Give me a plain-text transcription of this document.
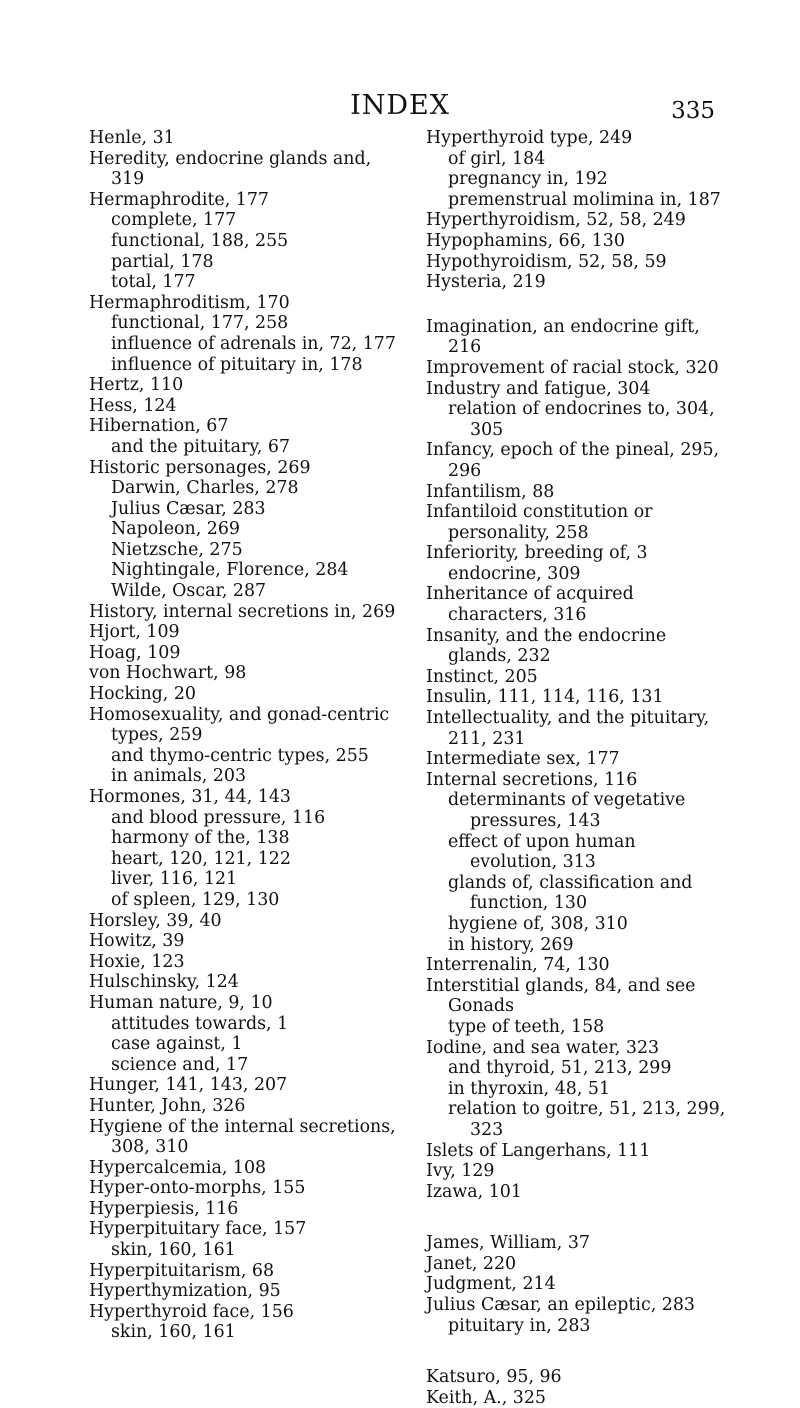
INDEX	335
Henle, 31
Heredity, endocrine glands and, 319
Hermaphrodite, 177
complete, 177
functional, 188, 255
partial, 178
total, 177
Hermaphroditism, 170
functional, 177, 258
influence of adrenals in, 72, 177
influence of pituitary in, 178
Hertz, 110
Hess, 124
Hibernation, 67
and the pituitary, 67
Historic personages, 269
Darwin, Charles, 278
Julius Cæsar, 283
Napoleon, 269
Nietzsche, 275
Nightingale, Florence, 284
Wilde, Oscar, 287
History, internal secretions in, 269
Hjort, 109
Hoag, 109
von Hochwart, 98
Hocking, 20
Homosexuality, and gonad-centric types, 259
and thymo-centric types, 255
in animals, 203
Hormones, 31, 44, 143
and blood pressure, 116
harmony of the, 138
heart, 120, 121, 122
liver, 116, 121
of spleen, 129, 130
Horsley, 39, 40
Howitz, 39
Hoxie, 123
Hulschinsky, 124
Human nature, 9, 10
attitudes towards, 1
case against, 1
science and, 17
Hunger, 141, 143, 207
Hunter, John, 326
Hygiene of the internal secretions, 308, 310
Hypercalcemia, 108
Hyper-onto-morphs, 155
Hyperpiesis, 116
Hyperpituitary face, 157
skin, 160, 161
Hyperpituitarism, 68
Hyperthymization, 95
Hyperthyroid face, 156
skin, 160, 161
Hyperthyroid type, 249
of girl, 184
pregnancy in, 192
premenstrual molimina in, 187
Hyperthyroidism, 52, 58, 249
Hypophamins, 66, 130
Hypothyroidism, 52, 58, 59
Hysteria, 219
Imagination, an endocrine gift, 216
Improvement of racial stock, 320
Industry and fatigue, 304
relation of endocrines to, 304, 305
Infancy, epoch of the pineal, 295, 296
Infantilism, 88
Infantiloid constitution or personality, 258
Inferiority, breeding of, 3
endocrine, 309
Inheritance of acquired characters, 316
Insanity, and the endocrine glands, 232
Instinct, 205
Insulin, 111, 114, 116, 131
Intellectuality, and the pituitary, 211, 231
Intermediate sex, 177
Internal secretions, 116
determinants of vegetative pressures, 143
effect of upon human evolution, 313
glands of, classification and function, 130
hygiene of, 308, 310
in history, 269
Interrenalin, 74, 130
Interstitial glands, 84, and see Gonads
type of teeth, 158
Iodine, and sea water, 323
and thyroid, 51, 213, 299
in thyroxin, 48, 51
relation to goitre, 51, 213, 299, 323
Islets of Langerhans, 111
Ivy, 129
Izawa, 101
James, William, 37
Janet, 220
Judgment, 214
Julius Cæsar, an epileptic, 283
pituitary in, 283
Katsuro, 95, 96
Keith, A., 325
